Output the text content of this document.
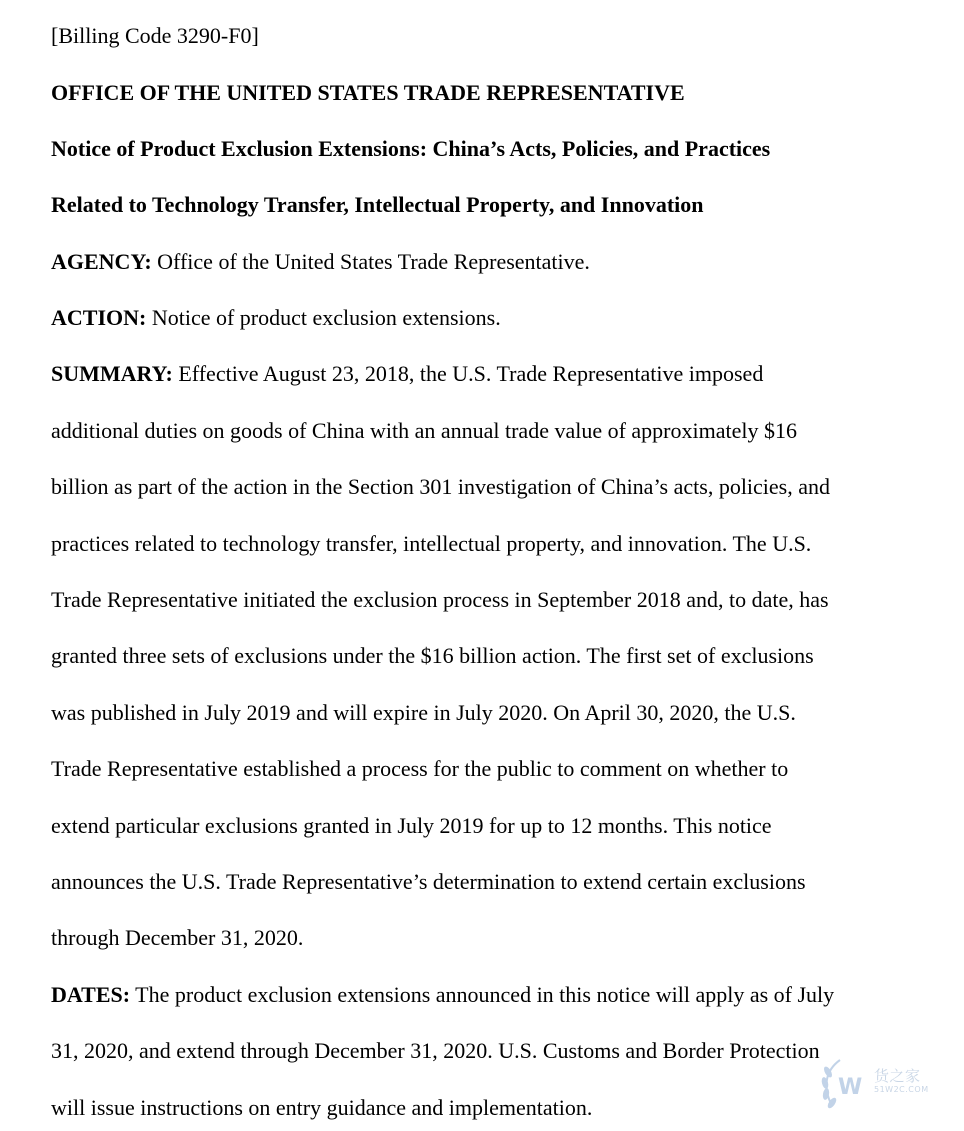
[Billing Code 3290-F0]
OFFICE OF THE UNITED STATES TRADE REPRESENTATIVE
Notice of Product Exclusion Extensions: China’s Acts, Policies, and Practices
Related to Technology Transfer, Intellectual Property, and Innovation
AGENCY: Office of the United States Trade Representative.
ACTION: Notice of product exclusion extensions.
SUMMARY: Effective August 23, 2018, the U.S. Trade Representative imposed
additional duties on goods of China with an annual trade value of approximately $16
billion as part of the action in the Section 301 investigation of China’s acts, policies, and
practices related to technology transfer, intellectual property, and innovation. The U.S.
Trade Representative initiated the exclusion process in September 2018 and, to date, has
granted three sets of exclusions under the $16 billion action. The first set of exclusions
was published in July 2019 and will expire in July 2020. On April 30, 2020, the U.S.
Trade Representative established a process for the public to comment on whether to
extend particular exclusions granted in July 2019 for up to 12 months. This notice
announces the U.S. Trade Representative’s determination to extend certain exclusions
through December 31, 2020.
DATES: The product exclusion extensions announced in this notice will apply as of July
31, 2020, and extend through December 31, 2020. U.S. Customs and Border Protection
will issue instructions on entry guidance and implementation.
W 货之家
51W2C.COM
